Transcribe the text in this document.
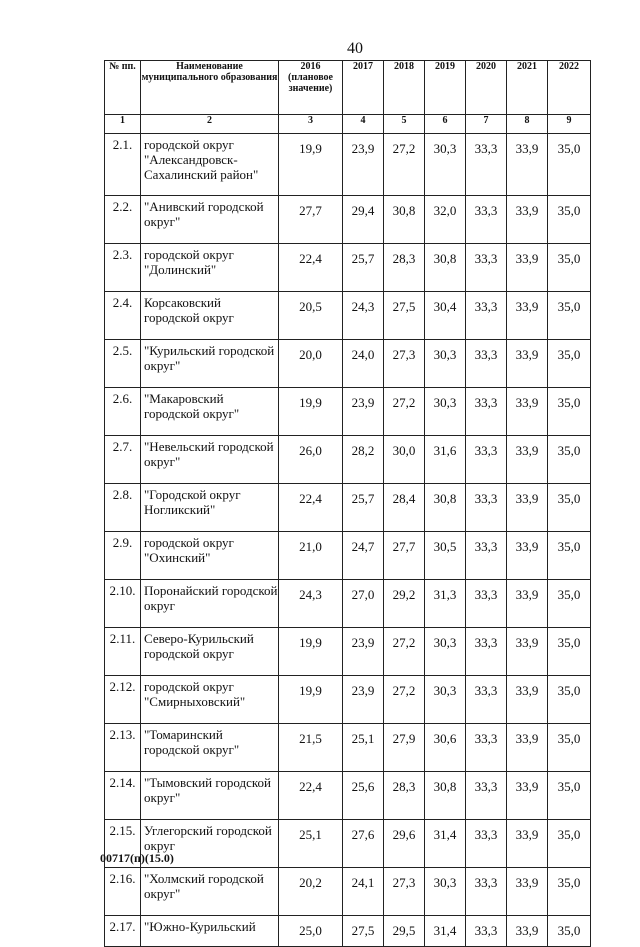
40
№ пп.	Наименование муниципального образования	2016 (плановое значение)	2017	2018	2019	2020	2021	2022
1	2	3	4	5	6	7	8	9
2.1.	городской округ "Александровск-Сахалинский район"	19,9	23,9	27,2	30,3	33,3	33,9	35,0
2.2.	"Анивский городской округ"	27,7	29,4	30,8	32,0	33,3	33,9	35,0
2.3.	городской округ "Долинский"	22,4	25,7	28,3	30,8	33,3	33,9	35,0
2.4.	Корсаковский городской округ	20,5	24,3	27,5	30,4	33,3	33,9	35,0
2.5.	"Курильский городской округ"	20,0	24,0	27,3	30,3	33,3	33,9	35,0
2.6.	"Макаровский городской округ"	19,9	23,9	27,2	30,3	33,3	33,9	35,0
2.7.	"Невельский городской округ"	26,0	28,2	30,0	31,6	33,3	33,9	35,0
2.8.	"Городской округ Ногликский"	22,4	25,7	28,4	30,8	33,3	33,9	35,0
2.9.	городской округ "Охинский"	21,0	24,7	27,7	30,5	33,3	33,9	35,0
2.10.	Поронайский городской округ	24,3	27,0	29,2	31,3	33,3	33,9	35,0
2.11.	Северо-Курильский городской округ	19,9	23,9	27,2	30,3	33,3	33,9	35,0
2.12.	городской округ "Смирныховский"	19,9	23,9	27,2	30,3	33,3	33,9	35,0
2.13.	"Томаринский городской округ"	21,5	25,1	27,9	30,6	33,3	33,9	35,0
2.14.	"Тымовский городской округ"	22,4	25,6	28,3	30,8	33,3	33,9	35,0
2.15.	Углегорский городской округ	25,1	27,6	29,6	31,4	33,3	33,9	35,0
2.16.	"Холмский городской округ"	20,2	24,1	27,3	30,3	33,3	33,9	35,0
2.17.	"Южно-Курильский	25,0	27,5	29,5	31,4	33,3	33,9	35,0
00717(п)(15.0)
